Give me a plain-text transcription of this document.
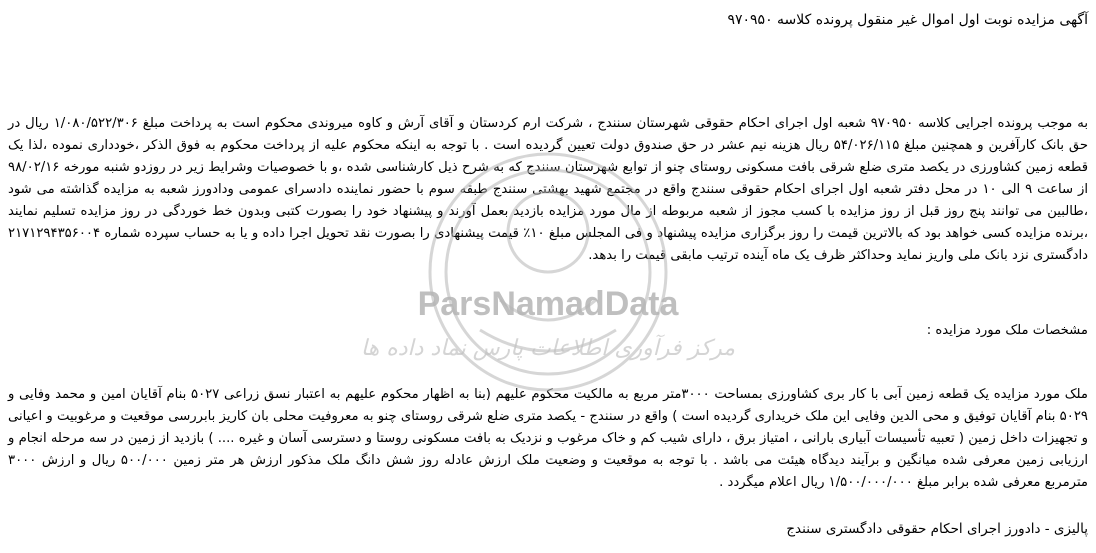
آگهی مزایده نوبت اول اموال غیر منقول پرونده کلاسه ۹۷۰۹۵۰
به موجب پرونده اجرایی کلاسه ۹۷۰۹۵۰ شعبه اول اجرای احکام حقوقی شهرستان سنندج ، شرکت ارم کردستان و آقای آرش و کاوه میروندی محکوم است به پرداخت مبلغ ۱/۰۸۰/۵۲۲/۳۰۶ ریال در حق بانک کارآفرین و همچنین مبلغ ۵۴/۰۲۶/۱۱۵ ریال هزینه نیم عشر در حق صندوق دولت تعیین گردیده است . با توجه به اینکه محکوم علیه از پرداخت محکوم به فوق الذکر ،خودداری نموده ،لذا یک قطعه زمین کشاورزی در یکصد متری ضلع شرقی بافت مسکونی روستای چنو از توابع شهرستان سنندج که به شرح ذیل کارشناسی شده ،و با خصوصیات وشرایط زیر در روزدو شنبه مورخه ۹۸/۰۲/۱۶ از ساعت ۹ الی ۱۰ در محل دفتر شعبه اول اجرای احکام حقوقی سنندج واقع در مجتمع شهید بهشتی سنندج طبقه سوم با حضور نماینده دادسرای عمومی ودادورز شعبه به مزایده گذاشته می شود ،طالبین می توانند پنج روز قبل از روز مزایده با کسب مجوز از شعبه مربوطه از مال مورد مزایده بازدید بعمل آورند و پیشنهاد خود را بصورت کتبی وبدون خط خوردگی در روز مزایده تسلیم نمایند ،برنده مزایده کسی خواهد بود که بالاترین قیمت را روز برگزاری مزایده پیشنهاد و فی المجلس مبلغ ۱۰٪ قیمت پیشنهادی را بصورت نقد تحویل اجرا داده و یا به حساب سپرده شماره ۲۱۷۱۲۹۴۳۵۶۰۰۴ دادگستری نزد بانک ملی واریز نماید وحداکثر ظرف یک ماه آینده ترتیب مابقی قیمت را بدهد.
مشخصات ملک مورد مزایده :
ملک مورد مزایده یک قطعه زمین آبی با کار بری کشاورزی بمساحت ۳۰۰۰متر مربع به مالکیت محکوم علیهم (بنا به اظهار محکوم علیهم به اعتبار نسق زراعی ۵۰۲۷ بنام آقایان امین و محمد وفایی و ۵۰۲۹ بنام آقایان توفیق و محی الدین وفایی این ملک خریداری گردیده است ) واقع در سنندج - یکصد متری ضلع شرقی روستای چنو به معروفیت محلی بان کاریز بابررسی موقعیت و مرغوبیت و اعیانی و تجهیزات داخل زمین ( تعبیه تأسیسات آبیاری بارانی ، امتیاز برق ، دارای شیب کم و خاک مرغوب و نزدیک به بافت مسکونی روستا و دسترسی آسان و غیره .... ) بازدید از زمین در سه مرحله انجام و ارزیابی زمین معرفی شده میانگین و برآیند دیدگاه هیئت می باشد . با توجه به موقعیت و وضعیت ملک ارزش عادله روز شش دانگ ملک مذکور ارزش هر متر زمین ۵۰۰/۰۰۰ ریال و ارزش ۳۰۰۰ مترمربع معرفی شده برابر مبلغ ۱/۵۰۰/۰۰۰/۰۰۰ ریال اعلام میگردد .
پالیزی - دادورز اجرای احکام حقوقی دادگستری سنندج
ParsNamadData
مرکز فرآوری اطلاعات پارس نماد داده ها
